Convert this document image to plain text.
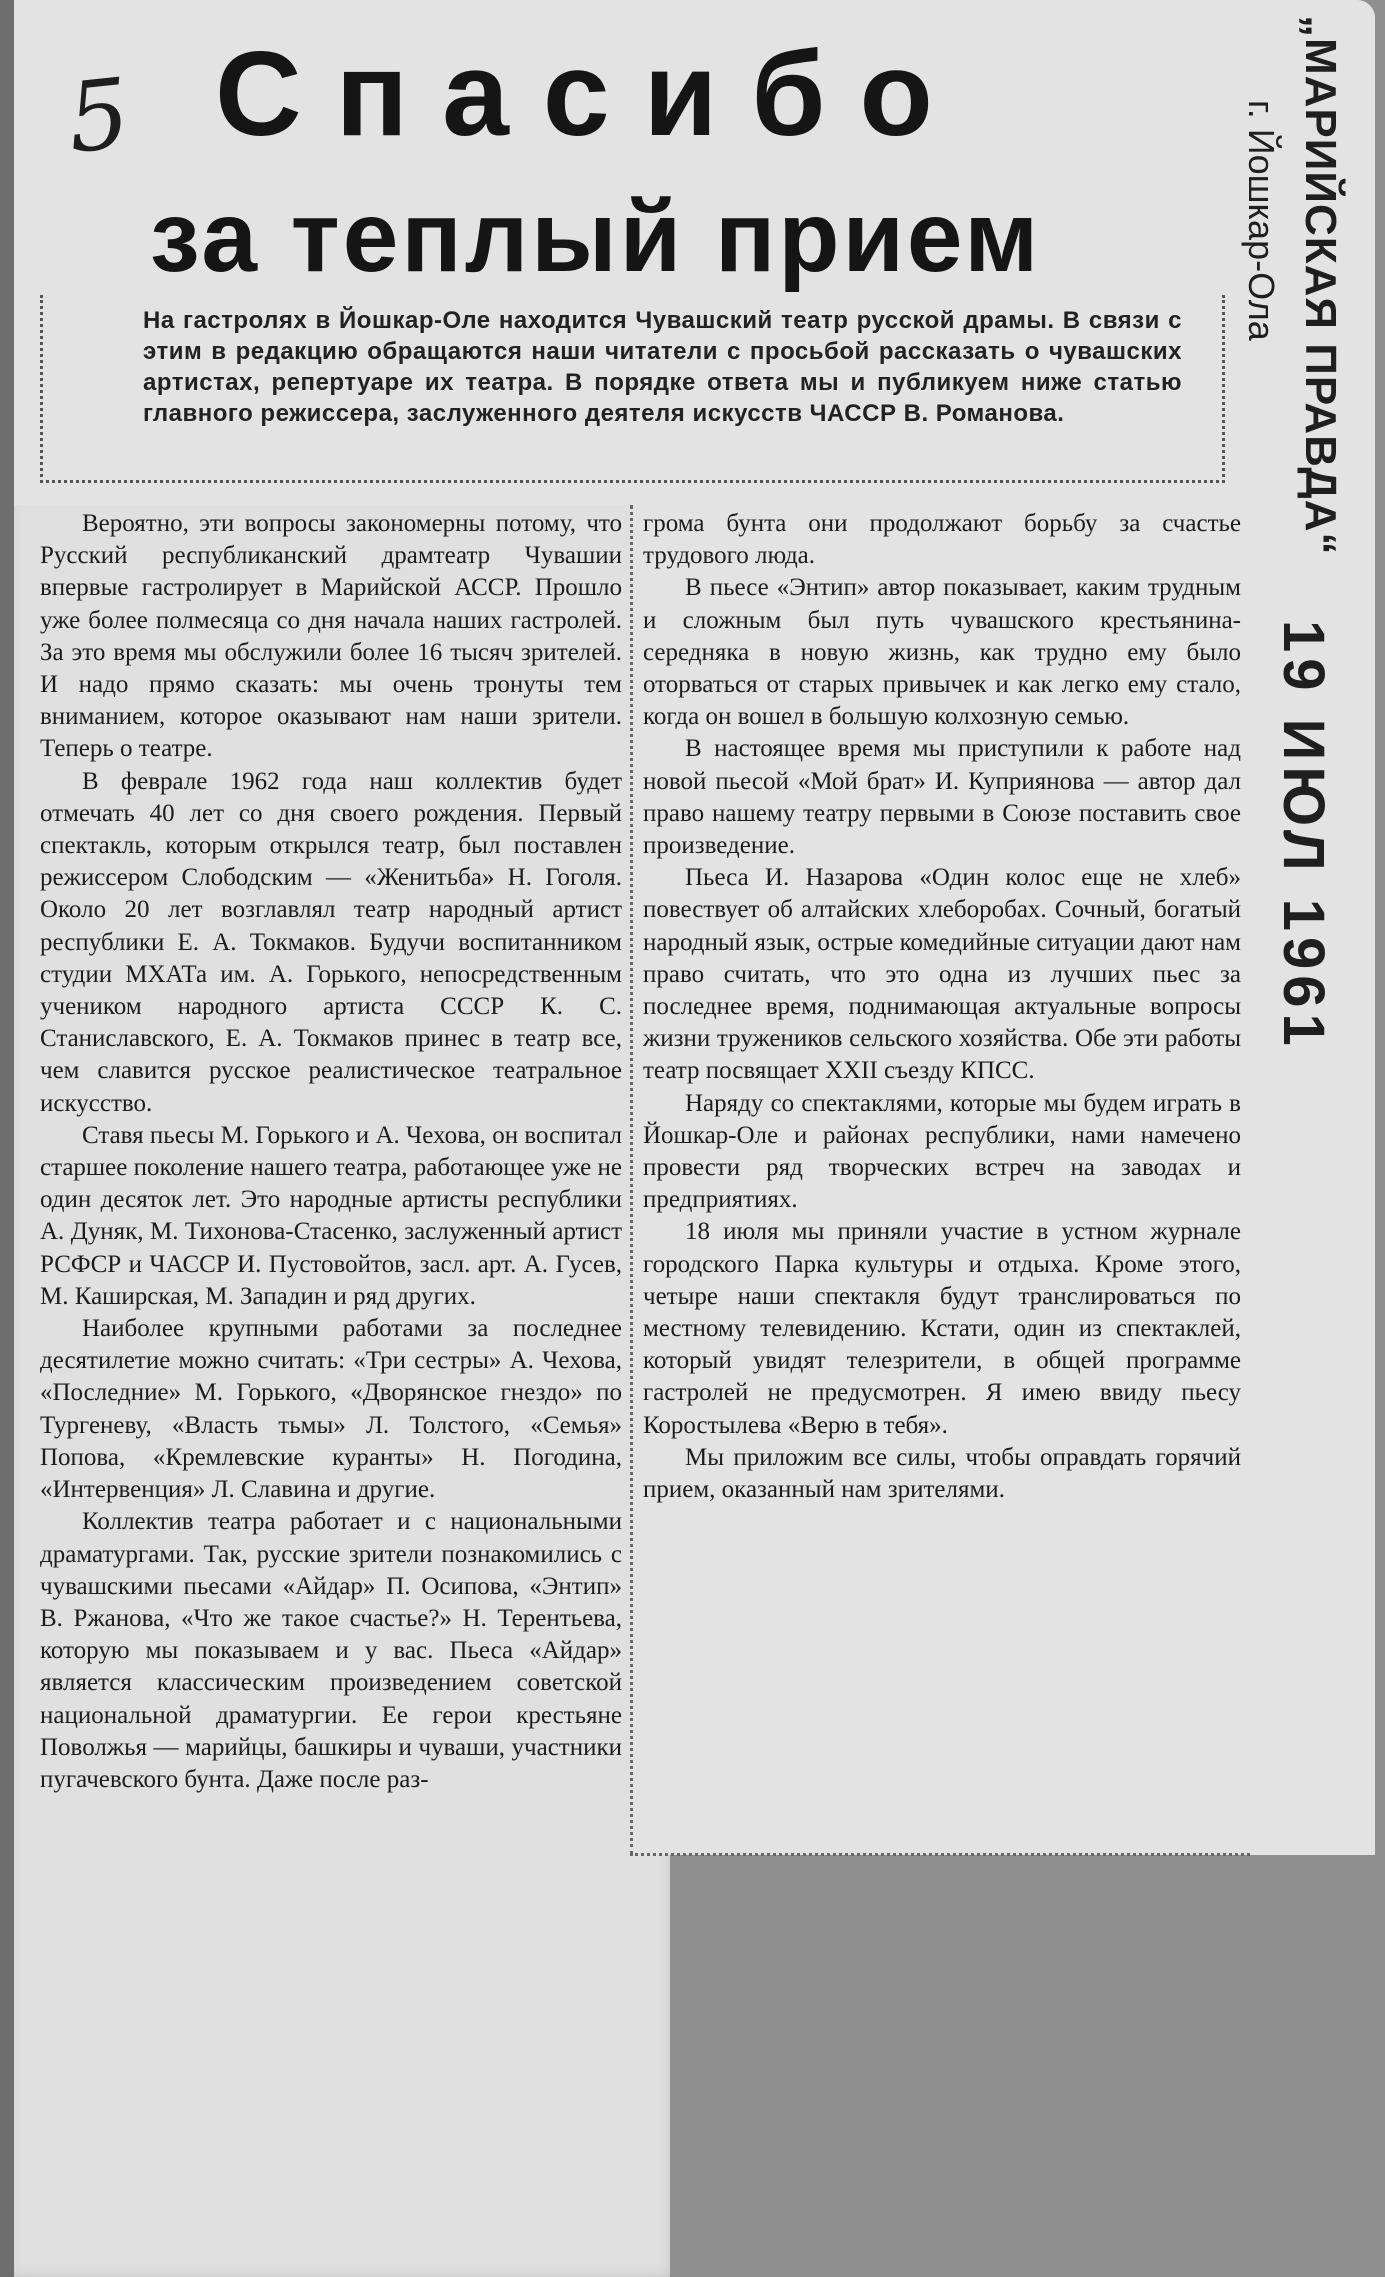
5 Спасибо
за теплый прием

На гастролях в Йошкар-Оле находится Чувашский театр русской драмы. В связи с этим в редакцию обращаются наши читатели с просьбой рассказать о чувашских артистах, репертуаре их театра. В порядке ответа мы и публикуем ниже статью главного режиссера, заслуженного деятеля искусств ЧАССР В. Романова.	„МАРИЙСКАЯ ПРАВДА“
г. Йошкар-Ола
19 ИЮЛ 1961

Вероятно, эти вопросы закономерны потому, что Русский республиканский драмтеатр Чувашии впервые гастролирует в Марийской АССР. Прошло уже более полмесяца со дня начала наших гастролей. За это время мы обслужили более 16 тысяч зрителей. И надо прямо сказать: мы очень тронуты тем вниманием, которое оказывают нам наши зрители. Теперь о театре.

В феврале 1962 года наш коллектив будет отмечать 40 лет со дня своего рождения. Первый спектакль, которым открылся театр, был поставлен режиссером Слободским — «Женитьба» Н. Гоголя. Около 20 лет возглавлял театр народный артист республики Е. А. Токмаков. Будучи воспитанником студии МХАТа им. А. Горького, непосредственным учеником народного артиста СССР К. С. Станиславского, Е. А. Токмаков принес в театр все, чем славится русское реалистическое театральное искусство.

Ставя пьесы М. Горького и А. Чехова, он воспитал старшее поколение нашего театра, работающее уже не один десяток лет. Это народные артисты республики А. Дуняк, М. Тихонова-Стасенко, заслуженный артист РСФСР и ЧАССР И. Пустовойтов, засл. арт. А. Гусев, М. Каширская, М. Западин и ряд других.

Наиболее крупными работами за последнее десятилетие можно считать: «Три сестры» А. Чехова, «Последние» М. Горького, «Дворянское гнездо» по Тургеневу, «Власть тьмы» Л. Толстого, «Семья» Попова, «Кремлевские куранты» Н. Погодина, «Интервенция» Л. Славина и другие.

Коллектив театра работает и с национальными драматургами. Так, русские зрители познакомились с чувашскими пьесами «Айдар» П. Осипова, «Энтип» В. Ржанова, «Что же такое счастье?» Н. Терентьева, которую мы показываем и у вас. Пьеса «Айдар» является классическим произведением советской национальной драматургии. Ее герои крестьяне Поволжья — марийцы, башкиры и чуваши, участники пугачевского бунта. Даже после раз-

грома бунта они продолжают борьбу за счастье трудового люда.

В пьесе «Энтип» автор показывает, каким трудным и сложным был путь чувашского крестьянина-середняка в новую жизнь, как трудно ему было оторваться от старых привычек и как легко ему стало, когда он вошел в большую колхозную семью.

В настоящее время мы приступили к работе над новой пьесой «Мой брат» И. Куприянова — автор дал право нашему театру первыми в Союзе поставить свое произведение.

Пьеса И. Назарова «Один колос еще не хлеб» повествует об алтайских хлеборобах. Сочный, богатый народный язык, острые комедийные ситуации дают нам право считать, что это одна из лучших пьес за последнее время, поднимающая актуальные вопросы жизни тружеников сельского хозяйства. Обе эти работы театр посвящает XXII съезду КПСС.

Наряду со спектаклями, которые мы будем играть в Йошкар-Оле и районах республики, нами намечено провести ряд творческих встреч на заводах и предприятиях.

18 июля мы приняли участие в устном журнале городского Парка культуры и отдыха. Кроме этого, четыре наши спектакля будут транслироваться по местному телевидению. Кстати, один из спектаклей, который увидят телезрители, в общей программе гастролей не предусмотрен. Я имею ввиду пьесу Коростылева «Верю в тебя».

Мы приложим все силы, чтобы оправдать горячий прием, оказанный нам зрителями.
